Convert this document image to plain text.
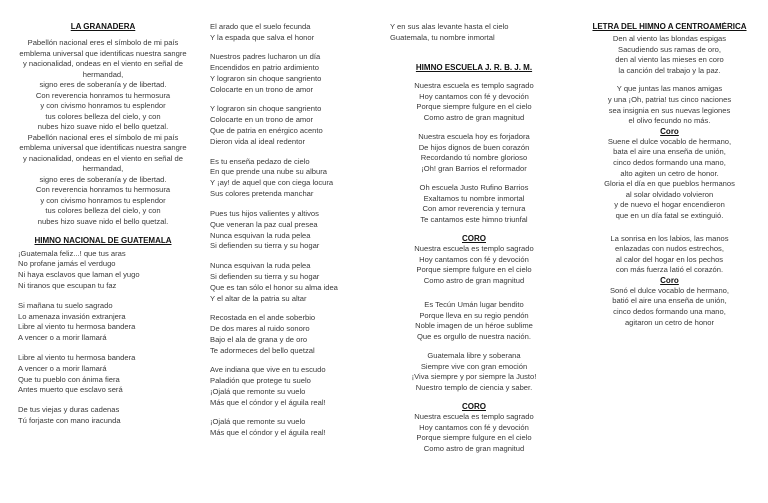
LA GRANADERA
Pabellón nacional eres el símbolo de mi país
emblema universal que identificas nuestra sangre
y nacionalidad, ondeas en el viento en señal de hermandad,
signo eres de soberanía y de libertad.
Con reverencia honramos tu hermosura
y con civismo honramos tu esplendor
tus colores belleza del cielo, y con
nubes hizo suave nido el bello quetzal.
Pabellón nacional eres el símbolo de mi país
emblema universal que identificas nuestra sangre
y nacionalidad, ondeas en el viento en señal de hermandad,
signo eres de soberanía y de libertad.
Con reverencia honramos tu hermosura
y con civismo honramos tu esplendor
tus colores belleza del cielo, y con
nubes hizo suave nido el bello quetzal.
HIMNO NACIONAL DE GUATEMALA
¡Guatemala feliz...! que tus aras
No profane jamás el verdugo
Ni haya esclavos que laman el yugo
Ni tiranos que escupan tu faz
Si mañana tu suelo sagrado
Lo amenaza invasión extranjera
Libre al viento tu hermosa bandera
A vencer o a morir llamará
Libre al viento tu hermosa bandera
A vencer o a morir llamará
Que tu pueblo con ánima fiera
Antes muerto que esclavo será
De tus viejas y duras cadenas
Tú forjaste con mano iracunda
El arado que el suelo fecunda
Y la espada que salva el honor
Nuestros padres lucharon un día
Encendidos en patrio ardimiento
Y lograron sin choque sangriento
Colocarte en un trono de amor
Y lograron sin choque sangriento
Colocarte en un trono de amor
Que de patria en enérgico acento
Dieron vida al ideal redentor
Es tu enseña pedazo de cielo
En que prende una nube su albura
Y ¡ay! de aquel que con ciega locura
Sus colores pretenda manchar
Pues tus hijos valientes y altivos
Que veneran la paz cual presea
Nunca esquivan la ruda pelea
Si defienden su tierra y su hogar
Nunca esquivan la ruda pelea
Si defienden su tierra y su hogar
Que es tan sólo el honor su alma idea
Y el altar de la patria su altar
Recostada en el ande soberbio
De dos mares al ruido sonoro
Bajo el ala de grana y de oro
Te adormeces del bello quetzal
Ave indiana que vive en tu escudo
Paladión que protege tu suelo
¡Ojalá que remonte su vuelo
Más que el cóndor y el águila real!
¡Ojalá que remonte su vuelo
Más que el cóndor y el águila real!
Y en sus alas levante hasta el cielo
Guatemala, tu nombre inmortal
HIMNO ESCUELA J. R. B. J. M.
Nuestra escuela es templo sagrado
Hoy cantamos con fé y devoción
Porque siempre fulgure en el cielo
Como astro de gran magnitud
Nuestra escuela hoy es forjadora
De hijos dignos de buen corazón
Recordando tú nombre glorioso
¡Oh! gran Barrios el reformador
Oh escuela Justo Rufino Barrios
Exaltamos tu nombre inmortal
Con amor reverencia y ternura
Te cantamos este himno triunfal
CORO
Nuestra escuela es templo sagrado
Hoy cantamos con fé y devoción
Porque siempre fulgure en el cielo
Como astro de gran magnitud
Es Tecún Umán lugar bendito
Porque lleva en su regio pendón
Noble imagen de un héroe sublime
Que es orgullo de nuestra nación.
Guatemala libre y soberana
Siempre vive con gran emoción
¡Viva siempre y por siempre la Justo!
Nuestro templo de ciencia y saber.
CORO
Nuestra escuela es templo sagrado
Hoy cantamos con fé y devoción
Porque siempre fulgure en el cielo
Como astro de gran magnitud
LETRA DEL HIMNO A CENTROAMÉRICA
Den al viento las blondas espigas
Sacudiendo sus ramas de oro,
den al viento las mieses en coro
la canción del trabajo y la paz.
Y que juntas las manos amigas
y una ¡Oh, patria! tus cinco naciones
sea insignia en sus nuevas legiones
el olivo fecundo no más.
Coro
Suene el dulce vocablo de hermano,
bata el aire una enseña de unión,
cinco dedos formando una mano,
alto agiten un cetro de honor.
Gloria el día en que pueblos hermanos
al solar olvidado volvieron
y de nuevo el hogar encendieron
que en un día fatal se extinguió.
La sonrisa en los labios, las manos
enlazadas con nudos estrechos,
al calor del hogar en los pechos
con más fuerza latió el corazón.
Coro
Sonó el dulce vocablo de hermano,
batió el aire una enseña de unión,
cinco dedos formando una mano,
agitaron un cetro de honor
